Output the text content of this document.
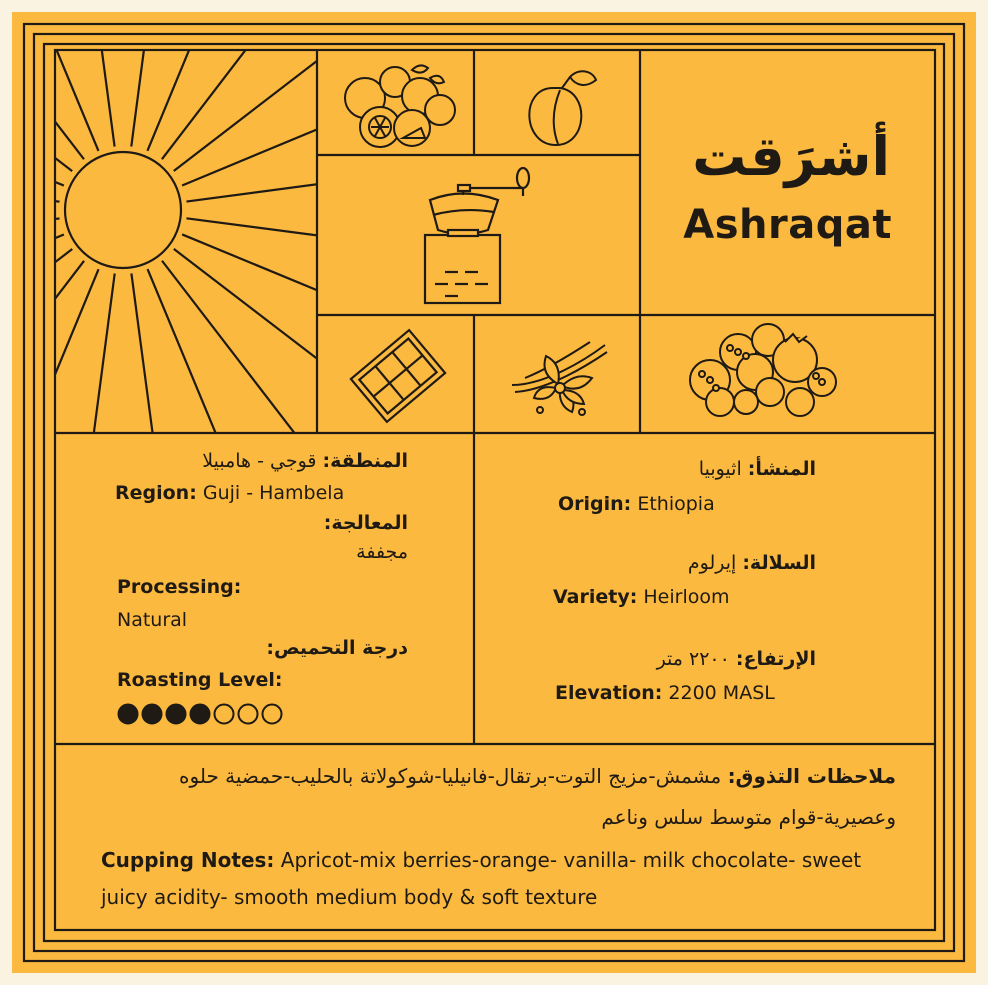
أشرَقت
Ashraqat
المنطقة: قوجي - هامبيلا
Region: Guji - Hambela
المعالجة:
مجففة
Processing:
Natural
درجة التحميص:
Roasting Level:
المنشأ: اثيوبيا
Origin: Ethiopia
السلالة: إيرلوم
Variety: Heirloom
الإرتفاع: ٢٢٠٠ متر
Elevation: 2200 MASL
ملاحظات التذوق: مشمش-مزيج التوت-برتقال-فانيليا-شوكولاتة بالحليب-حمضية حلوه
وعصيرية-قوام متوسط سلس وناعم
Cupping Notes: Apricot-mix berries-orange- vanilla- milk chocolate- sweet
juicy acidity- smooth medium body & soft texture
